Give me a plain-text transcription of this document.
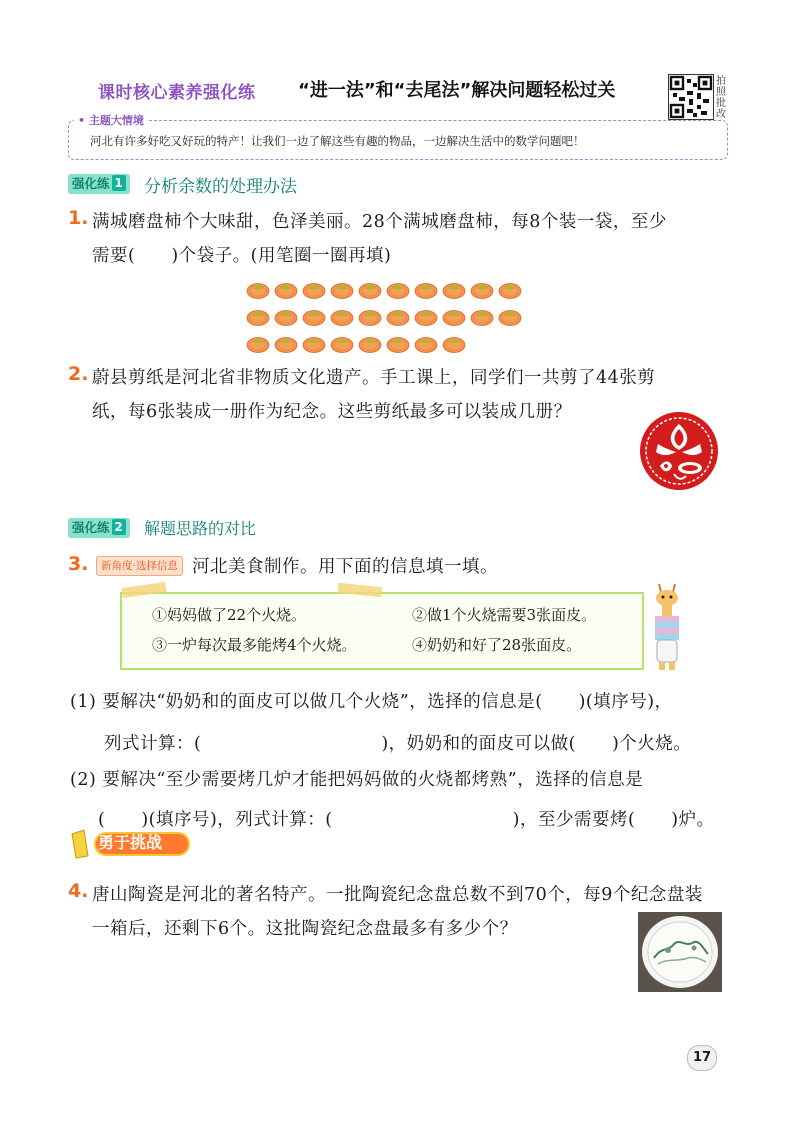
课时核心素养强化练 “进一法”和“去尾法”解决问题轻松过关	拍照批改
• 主题大情境
河北有许多好吃又好玩的特产！让我们一边了解这些有趣的物品，一边解决生活中的数学问题吧！
强化练 1	分析余数的处理办法
1. 满城磨盘柿个大味甜，色泽美丽。28个满城磨盘柿，每8个装一袋，至少
需要(　　)个袋子。(用笔圈一圈再填)
2. 蔚县剪纸是河北省非物质文化遗产。手工课上，同学们一共剪了44张剪
纸，每6张装成一册作为纪念。这些剪纸最多可以装成几册？
强化练 2	解题思路的对比
3.	新角度·选择信息 河北美食制作。用下面的信息填一填。
①妈妈做了22个火烧。	②做1个火烧需要3张面皮。
③一炉每次最多能烤4个火烧。	④奶奶和好了28张面皮。
(1) 要解决“奶奶和的面皮可以做几个火烧”，选择的信息是(　　)(填序号)，
列式计算：(　　　　　　　　　　)，奶奶和的面皮可以做(　　)个火烧。
(2) 要解决“至少需要烤几炉才能把妈妈做的火烧都烤熟”，选择的信息是
(　　)(填序号)，列式计算：(　　　　　　　　　　)，至少需要烤(　　)炉。
勇于挑战
4. 唐山陶瓷是河北的著名特产。一批陶瓷纪念盘总数不到70个，每9个纪念盘装
一箱后，还剩下6个。这批陶瓷纪念盘最多有多少个？
17
